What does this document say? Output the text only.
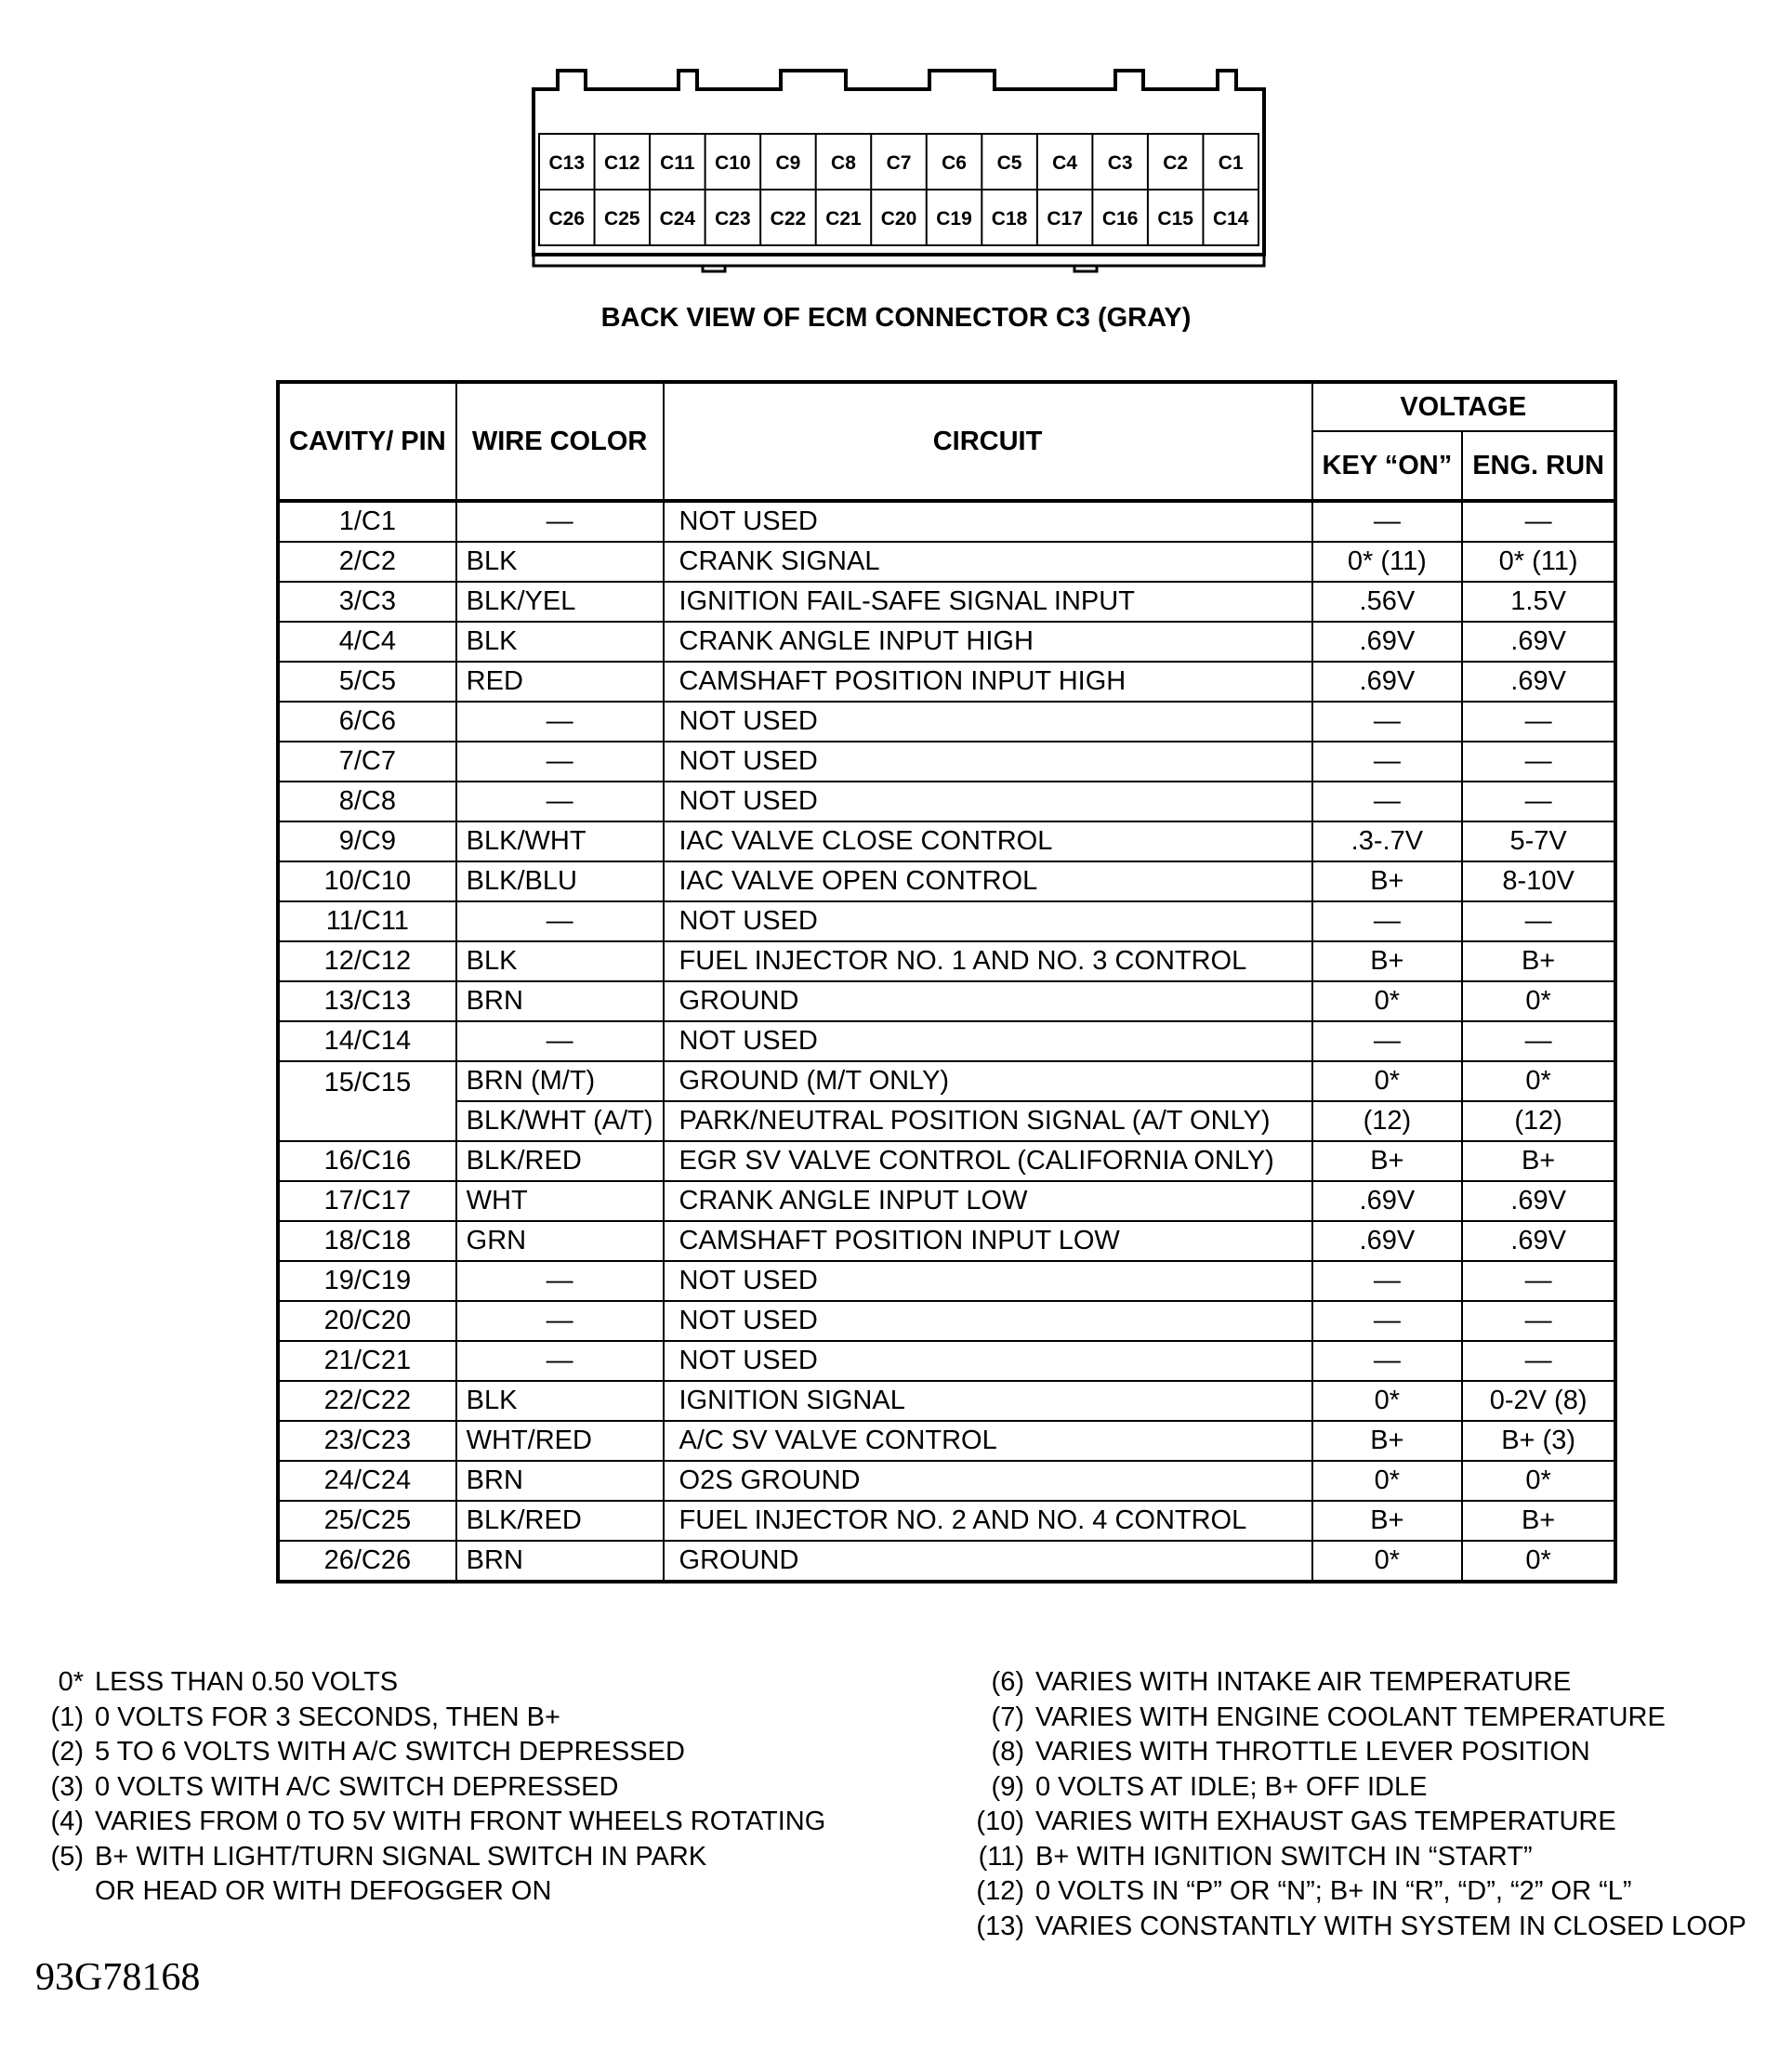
C13 C12 C11 C10 C9 C8 C7 C6 C5 C4 C3 C2 C1
C26 C25 C24 C23 C22 C21 C20 C19 C18 C17 C16 C15 C14
BACK VIEW OF ECM CONNECTOR C3 (GRAY)
CAVITY/ PIN	WIRE COLOR	CIRCUIT	VOLTAGE	
			KEY “ON”	ENG. RUN
1/C1	—	NOT USED	—	—
2/C2	BLK	CRANK SIGNAL	0* (11)	0* (11)
3/C3	BLK/YEL	IGNITION FAIL-SAFE SIGNAL INPUT	.56V	1.5V
4/C4	BLK	CRANK ANGLE INPUT HIGH	.69V	.69V
5/C5	RED	CAMSHAFT POSITION INPUT HIGH	.69V	.69V
6/C6	—	NOT USED	—	—
7/C7	—	NOT USED	—	—
8/C8	—	NOT USED	—	—
9/C9	BLK/WHT	IAC VALVE CLOSE CONTROL	.3-.7V	5-7V
10/C10	BLK/BLU	IAC VALVE OPEN CONTROL	B+	8-10V
11/C11	—	NOT USED	—	—
12/C12	BLK	FUEL INJECTOR NO. 1 AND NO. 3 CONTROL	B+	B+
13/C13	BRN	GROUND	0*	0*
14/C14	—	NOT USED	—	—
15/C15	BRN (M/T)	GROUND (M/T ONLY)	0*	0*
	BLK/WHT (A/T)	PARK/NEUTRAL POSITION SIGNAL (A/T ONLY)	(12)	(12)
16/C16	BLK/RED	EGR SV VALVE CONTROL (CALIFORNIA ONLY)	B+	B+
17/C17	WHT	CRANK ANGLE INPUT LOW	.69V	.69V
18/C18	GRN	CAMSHAFT POSITION INPUT LOW	.69V	.69V
19/C19	—	NOT USED	—	—
20/C20	—	NOT USED	—	—
21/C21	—	NOT USED	—	—
22/C22	BLK	IGNITION SIGNAL	0*	0-2V (8)
23/C23	WHT/RED	A/C SV VALVE CONTROL	B+	B+ (3)
24/C24	BRN	O2S GROUND	0*	0*
25/C25	BLK/RED	FUEL INJECTOR NO. 2 AND NO. 4 CONTROL	B+	B+
26/C26	BRN	GROUND	0*	0*
0* LESS THAN 0.50 VOLTS
(1) 0 VOLTS FOR 3 SECONDS, THEN B+
(2) 5 TO 6 VOLTS WITH A/C SWITCH DEPRESSED
(3) 0 VOLTS WITH A/C SWITCH DEPRESSED
(4) VARIES FROM 0 TO 5V WITH FRONT WHEELS ROTATING
(5) B+ WITH LIGHT/TURN SIGNAL SWITCH IN PARK
OR HEAD OR WITH DEFOGGER ON
(6) VARIES WITH INTAKE AIR TEMPERATURE
(7) VARIES WITH ENGINE COOLANT TEMPERATURE
(8) VARIES WITH THROTTLE LEVER POSITION
(9) 0 VOLTS AT IDLE; B+ OFF IDLE
(10) VARIES WITH EXHAUST GAS TEMPERATURE
(11) B+ WITH IGNITION SWITCH IN “START”
(12) 0 VOLTS IN “P” OR “N”; B+ IN “R”, “D”, “2” OR “L”
(13) VARIES CONSTANTLY WITH SYSTEM IN CLOSED LOOP
93G78168
